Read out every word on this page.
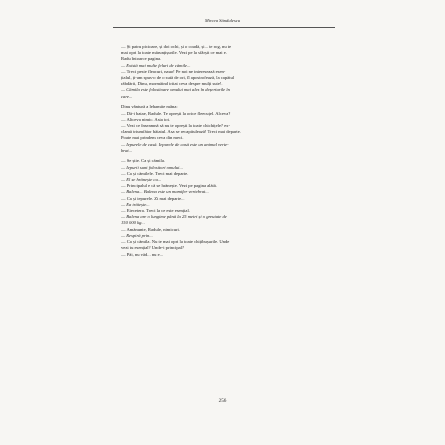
Mircea Săndulescu

— Și patru picioare, și doi ochi, și o coadă, și... te rog, nu te

mai opri la toate mărunțișurile. Vezi pe la sfârșit ce mai e.

Radu întoarce pagina.

— Există mai multe feluri de cămile...

— Treci peste fleacuri, nauo! Pe noi ne interesează esen-

țialul, ți-am spus-o de o sută de ori, îl apostrofează, la capătul

răbdării, Dinu, mormăind iritat ceva despre mulți sute!.

— Cămila este folositoare omului mai ales în deșerturile în

care...

Dinu vântură a lehamite mâna:

— Dă-i batae, Radule. Te oprești la orice fleecuțel. Alceva?

— Altceva nimic. Asta tot.

— Vezi ce înseamnă să nu te oprești la toate chichițele? ex-

clamă triumfător băiatul. Asa se recapitulează! Treci mai departe.

Poate mai prindem ceva din meci.

— Iepurele de casă. Iepurele de casă este un animal verte-

brat...

— Se știe. Ca și cămila.

— Iepurii sunt folositori omului...

— Ca și cămilele. Treci mai departe.

— El se hrănește cu...

— Principalul e că se hrănește. Vezi pe pagina alătă.

— Balena... Balena este un mamifer vertebrat...

— Ca și iepurele. Zi mai departe...

— Ea trăiește...

— Eiecetera. Treci la ce este esențial.

— Balena are o lungime până la 25 metri și o greutate de

150 000 kg...

— Amănunte, Radule, nimicuri.

— Respiră prin...

— Ca și cămila. Nu te mai opri la toate chițibușurile. Unde

vezi tu esențial? Unde-i principal?

— Păi, nu văd... nu e...

256
